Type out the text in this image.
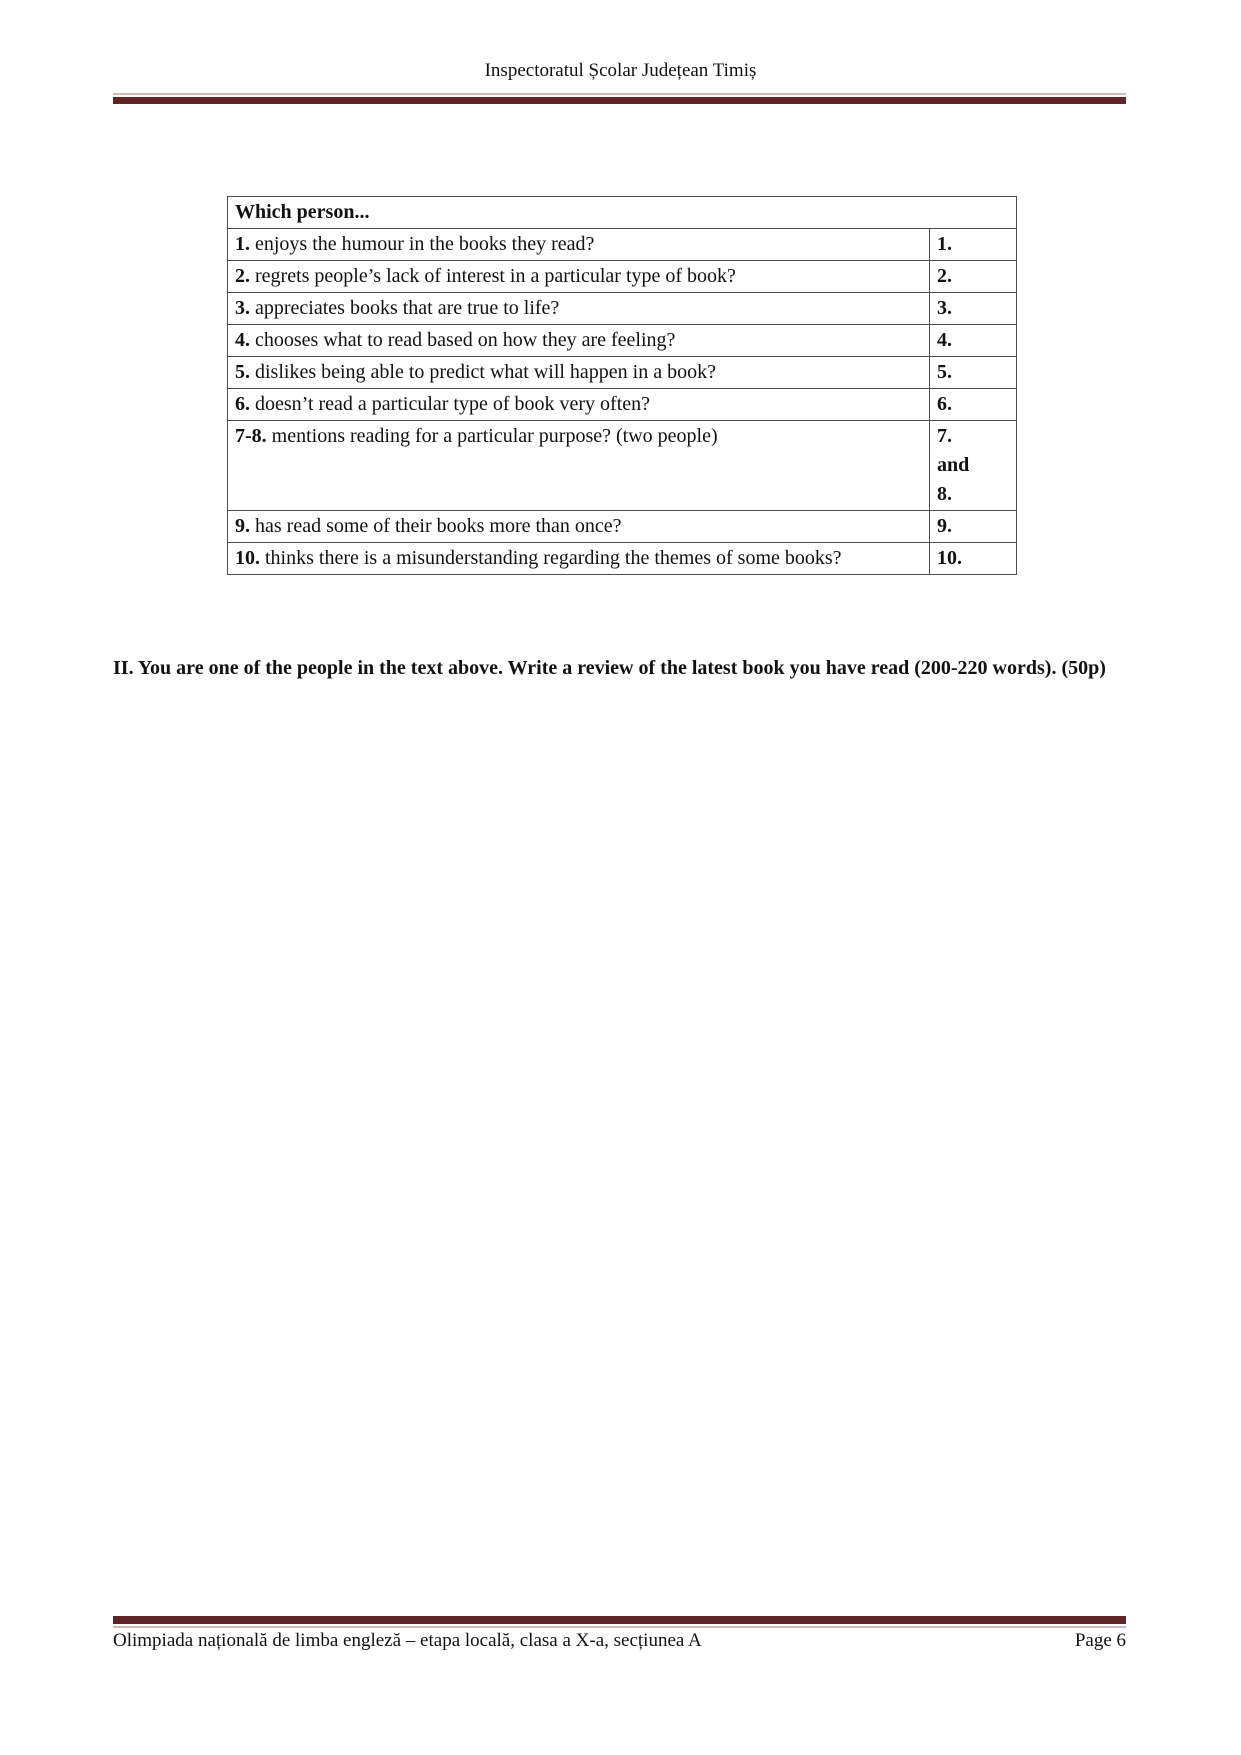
Inspectoratul Școlar Județean Timiș
Which person...	
1. enjoys the humour in the books they read?	1.
2. regrets people’s lack of interest in a particular type of book?	2.
3. appreciates books that are true to life?	3.
4. chooses what to read based on how they are feeling?	4.
5. dislikes being able to predict what will happen in a book?	5.
6. doesn’t read a particular type of book very often?	6.
7-8. mentions reading for a particular purpose? (two people)	7.
and
8.

9. has read some of their books more than once?	9.
10. thinks there is a misunderstanding regarding the themes of some books?	10.

II. You are one of the people in the text above. Write a review of the latest book you have read (200-220 words). (50p)

Olimpiada națională de limba engleză – etapa locală, clasa a X-a, secțiunea A	Page 6
